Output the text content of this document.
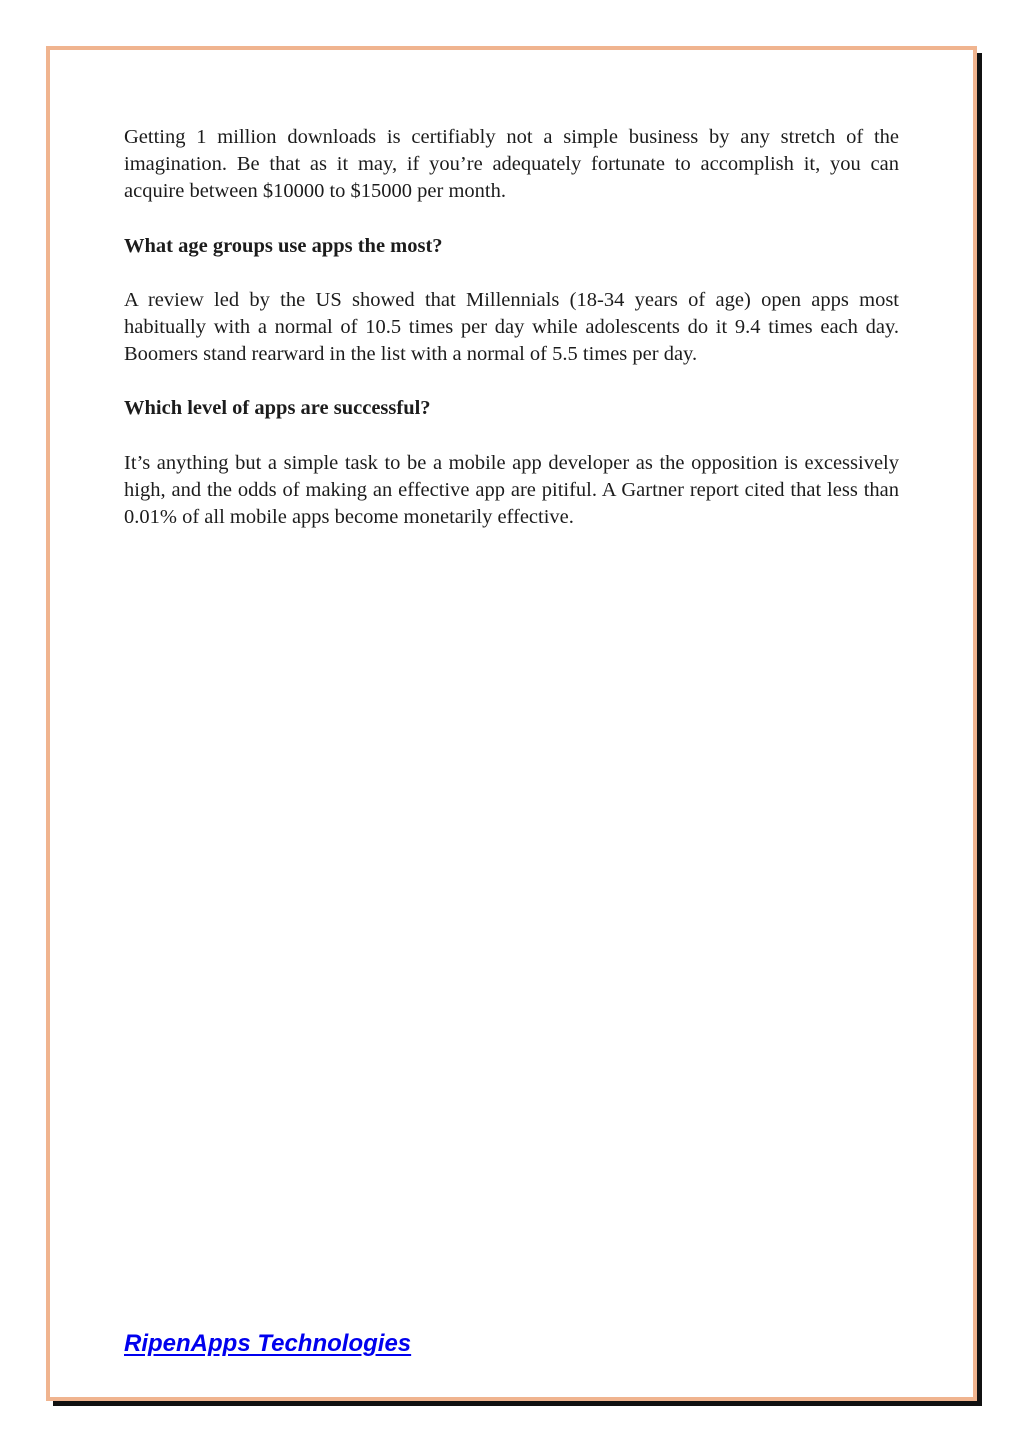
Getting 1 million downloads is certifiably not a simple business by any stretch of the imagination. Be that as it may, if you’re adequately fortunate to accomplish it, you can acquire between $10000 to $15000 per month.

What age groups use apps the most?

A review led by the US showed that Millennials (18-34 years of age) open apps most habitually with a normal of 10.5 times per day while adolescents do it 9.4 times each day. Boomers stand rearward in the list with a normal of 5.5 times per day.

Which level of apps are successful?

It’s anything but a simple task to be a mobile app developer as the opposition is excessively high, and the odds of making an effective app are pitiful. A Gartner report cited that less than 0.01% of all mobile apps become monetarily effective.

RipenApps Technologies
